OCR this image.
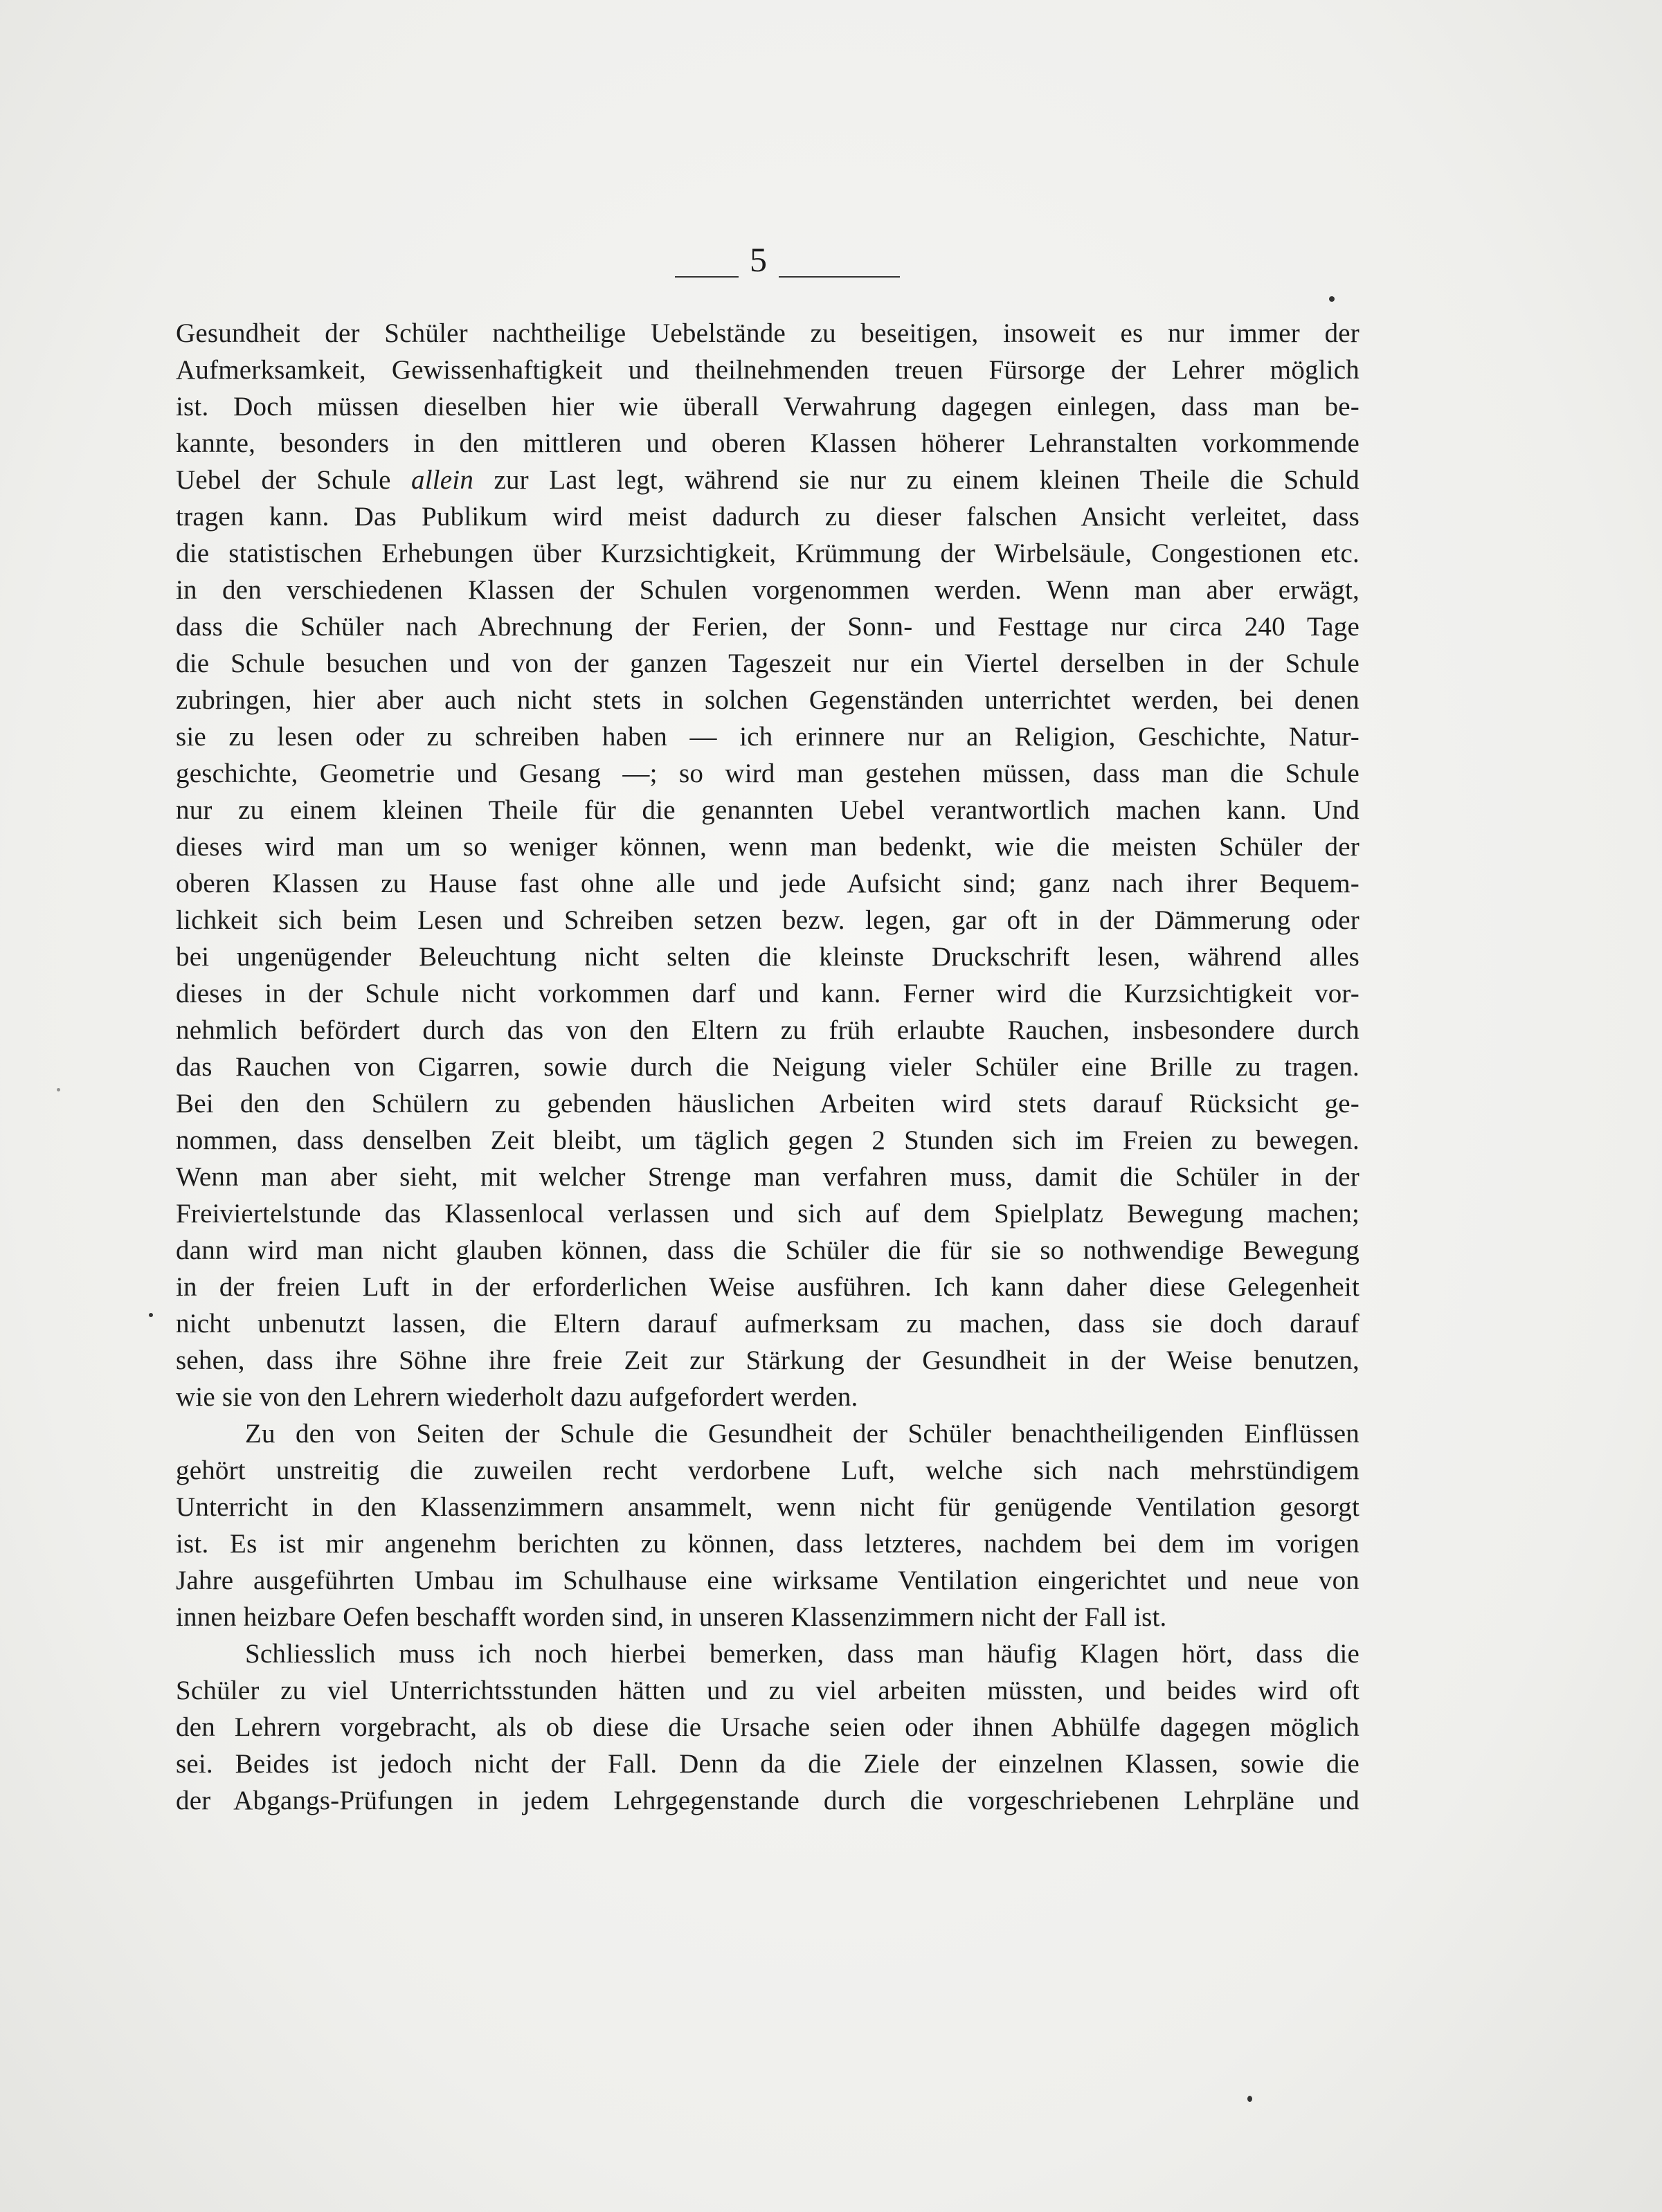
5
Gesundheit der Schüler nachtheilige Uebelstände zu beseitigen, insoweit es nur immer der
Aufmerksamkeit, Gewissenhaftigkeit und theilnehmenden treuen Fürsorge der Lehrer möglich
ist. Doch müssen dieselben hier wie überall Verwahrung dagegen einlegen, dass man be-
kannte, besonders in den mittleren und oberen Klassen höherer Lehranstalten vorkommende
Uebel der Schule allein zur Last legt, während sie nur zu einem kleinen Theile die Schuld
tragen kann. Das Publikum wird meist dadurch zu dieser falschen Ansicht verleitet, dass
die statistischen Erhebungen über Kurzsichtigkeit, Krümmung der Wirbelsäule, Congestionen etc.
in den verschiedenen Klassen der Schulen vorgenommen werden. Wenn man aber erwägt,
dass die Schüler nach Abrechnung der Ferien, der Sonn- und Festtage nur circa 240 Tage
die Schule besuchen und von der ganzen Tageszeit nur ein Viertel derselben in der Schule
zubringen, hier aber auch nicht stets in solchen Gegenständen unterrichtet werden, bei denen
sie zu lesen oder zu schreiben haben — ich erinnere nur an Religion, Geschichte, Natur-
geschichte, Geometrie und Gesang —; so wird man gestehen müssen, dass man die Schule
nur zu einem kleinen Theile für die genannten Uebel verantwortlich machen kann. Und
dieses wird man um so weniger können, wenn man bedenkt, wie die meisten Schüler der
oberen Klassen zu Hause fast ohne alle und jede Aufsicht sind; ganz nach ihrer Bequem-
lichkeit sich beim Lesen und Schreiben setzen bezw. legen, gar oft in der Dämmerung oder
bei ungenügender Beleuchtung nicht selten die kleinste Druckschrift lesen, während alles
dieses in der Schule nicht vorkommen darf und kann. Ferner wird die Kurzsichtigkeit vor-
nehmlich befördert durch das von den Eltern zu früh erlaubte Rauchen, insbesondere durch
das Rauchen von Cigarren, sowie durch die Neigung vieler Schüler eine Brille zu tragen.
Bei den den Schülern zu gebenden häuslichen Arbeiten wird stets darauf Rücksicht ge-
nommen, dass denselben Zeit bleibt, um täglich gegen 2 Stunden sich im Freien zu bewegen.
Wenn man aber sieht, mit welcher Strenge man verfahren muss, damit die Schüler in der
Freiviertelstunde das Klassenlocal verlassen und sich auf dem Spielplatz Bewegung machen;
dann wird man nicht glauben können, dass die Schüler die für sie so nothwendige Bewegung
in der freien Luft in der erforderlichen Weise ausführen. Ich kann daher diese Gelegenheit
nicht unbenutzt lassen, die Eltern darauf aufmerksam zu machen, dass sie doch darauf
sehen, dass ihre Söhne ihre freie Zeit zur Stärkung der Gesundheit in der Weise benutzen,
wie sie von den Lehrern wiederholt dazu aufgefordert werden.
Zu den von Seiten der Schule die Gesundheit der Schüler benachtheiligenden Einflüssen
gehört unstreitig die zuweilen recht verdorbene Luft, welche sich nach mehrstündigem
Unterricht in den Klassenzimmern ansammelt, wenn nicht für genügende Ventilation gesorgt
ist. Es ist mir angenehm berichten zu können, dass letzteres, nachdem bei dem im vorigen
Jahre ausgeführten Umbau im Schulhause eine wirksame Ventilation eingerichtet und neue von
innen heizbare Oefen beschafft worden sind, in unseren Klassenzimmern nicht der Fall ist.
Schliesslich muss ich noch hierbei bemerken, dass man häufig Klagen hört, dass die
Schüler zu viel Unterrichtsstunden hätten und zu viel arbeiten müssten, und beides wird oft
den Lehrern vorgebracht, als ob diese die Ursache seien oder ihnen Abhülfe dagegen möglich
sei. Beides ist jedoch nicht der Fall. Denn da die Ziele der einzelnen Klassen, sowie die
der Abgangs-Prüfungen in jedem Lehrgegenstande durch die vorgeschriebenen Lehrpläne und
